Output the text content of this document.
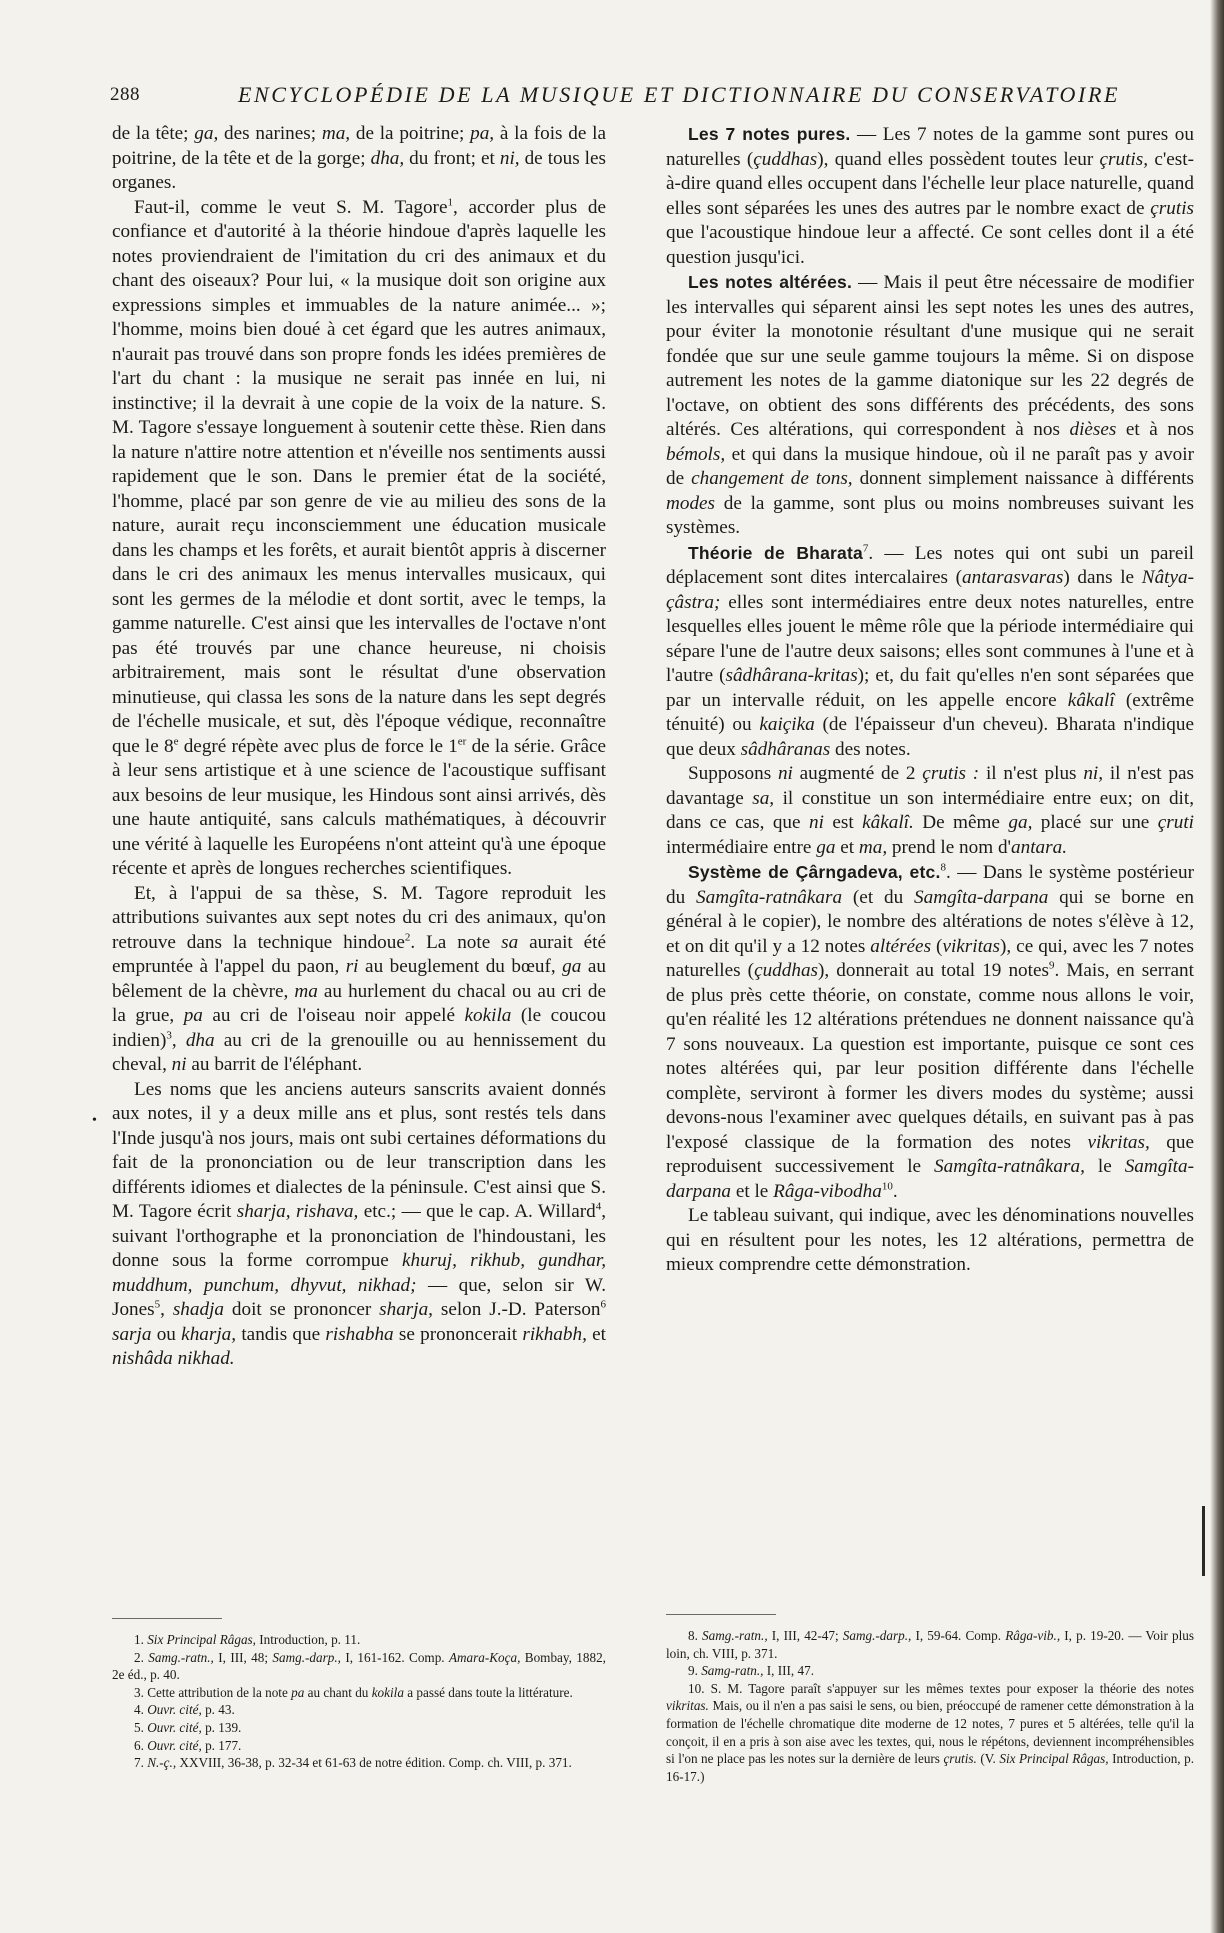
288	ENCYCLOPÉDIE DE LA MUSIQUE ET DICTIONNAIRE DU CONSERVATOIRE

de la tête; ga, des narines; ma, de la poitrine; pa, à la fois de la poitrine, de la tête et de la gorge; dha, du front; et ni, de tous les organes.

Faut-il, comme le veut S. M. Tagore$^1$, accorder plus de confiance et d'autorité à la théorie hindoue d'après laquelle les notes proviendraient de l'imitation du cri des animaux et du chant des oiseaux? Pour lui, « la musique doit son origine aux expressions simples et immuables de la nature animée... »; l'homme, moins bien doué à cet égard que les autres animaux, n'aurait pas trouvé dans son propre fonds les idées premières de l'art du chant : la musique ne serait pas innée en lui, ni instinctive; il la devrait à une copie de la voix de la nature. S. M. Tagore s'essaye longuement à soutenir cette thèse. Rien dans la nature n'attire notre attention et n'éveille nos sentiments aussi rapidement que le son. Dans le premier état de la société, l'homme, placé par son genre de vie au milieu des sons de la nature, aurait reçu inconsciemment une éducation musicale dans les champs et les forêts, et aurait bientôt appris à discerner dans le cri des animaux les menus intervalles musicaux, qui sont les germes de la mélodie et dont sortit, avec le temps, la gamme naturelle. C'est ainsi que les intervalles de l'octave n'ont pas été trouvés par une chance heureuse, ni choisis arbitrairement, mais sont le résultat d'une observation minutieuse, qui classa les sons de la nature dans les sept degrés de l'échelle musicale, et sut, dès l'époque védique, reconnaître que le 8e degré répète avec plus de force le 1er de la série. Grâce à leur sens artistique et à une science de l'acoustique suffisant aux besoins de leur musique, les Hindous sont ainsi arrivés, dès une haute antiquité, sans calculs mathématiques, à découvrir une vérité à laquelle les Européens n'ont atteint qu'à une époque récente et après de longues recherches scientifiques.

Et, à l'appui de sa thèse, S. M. Tagore reproduit les attributions suivantes aux sept notes du cri des animaux, qu'on retrouve dans la technique hindoue$^2$. La note sa aurait été empruntée à l'appel du paon, ri au beuglement du bœuf, ga au bêlement de la chèvre, ma au hurlement du chacal ou au cri de la grue, pa au cri de l'oiseau noir appelé kokila (le coucou indien)$^3$, dha au cri de la grenouille ou au hennissement du cheval, ni au barrit de l'éléphant.

Les noms que les anciens auteurs sanscrits avaient donnés aux notes, il y a deux mille ans et plus, sont restés tels dans l'Inde jusqu'à nos jours, mais ont subi certaines déformations du fait de la prononciation ou de leur transcription dans les différents idiomes et dialectes de la péninsule. C'est ainsi que S. M. Tagore écrit sharja, rishava, etc.; — que le cap. A. Willard$^4$, suivant l'orthographe et la prononciation de l'hindoustani, les donne sous la forme corrompue khuruj, rikhub, gundhar, muddhum, punchum, dhyvut, nikhad; — que, selon sir W. Jones$^5$, shadja doit se prononcer sharja, selon J.-D. Paterson$^6$ sarja ou kharja, tandis que rishabha se prononcerait rikhabh, et nishâda nikhad.

Les 7 notes pures. — Les 7 notes de la gamme sont pures ou naturelles (çuddhas), quand elles possèdent toutes leur çrutis, c'est-à-dire quand elles occupent dans l'échelle leur place naturelle, quand elles sont séparées les unes des autres par le nombre exact de çrutis que l'acoustique hindoue leur a affecté. Ce sont celles dont il a été question jusqu'ici.

Les notes altérées. — Mais il peut être nécessaire de modifier les intervalles qui séparent ainsi les sept notes les unes des autres, pour éviter la monotonie résultant d'une musique qui ne serait fondée que sur une seule gamme toujours la même. Si on dispose autrement les notes de la gamme diatonique sur les 22 degrés de l'octave, on obtient des sons différents des précédents, des sons altérés. Ces altérations, qui correspondent à nos dièses et à nos bémols, et qui dans la musique hindoue, où il ne paraît pas y avoir de changement de tons, donnent simplement naissance à différents modes de la gamme, sont plus ou moins nombreuses suivant les systèmes.

Théorie de Bharata$^7$. — Les notes qui ont subi un pareil déplacement sont dites intercalaires (antarasvaras) dans le Nâtya-çâstra; elles sont intermédiaires entre deux notes naturelles, entre lesquelles elles jouent le même rôle que la période intermédiaire qui sépare l'une de l'autre deux saisons; elles sont communes à l'une et à l'autre (sâdhârana-kritas); et, du fait qu'elles n'en sont séparées que par un intervalle réduit, on les appelle encore kâkalî (extrême ténuité) ou kaiçika (de l'épaisseur d'un cheveu). Bharata n'indique que deux sâdhâranas des notes.

Supposons ni augmenté de 2 çrutis : il n'est plus ni, il n'est pas davantage sa, il constitue un son intermédiaire entre eux; on dit, dans ce cas, que ni est kâkalî. De même ga, placé sur une çruti intermédiaire entre ga et ma, prend le nom d'antara.

Système de Çârngadeva, etc.$^8$. — Dans le système postérieur du Samgîta-ratnâkara (et du Samgîta-darpana qui se borne en général à le copier), le nombre des altérations de notes s'élève à 12, et on dit qu'il y a 12 notes altérées (vikritas), ce qui, avec les 7 notes naturelles (çuddhas), donnerait au total 19 notes$^9$. Mais, en serrant de plus près cette théorie, on constate, comme nous allons le voir, qu'en réalité les 12 altérations prétendues ne donnent naissance qu'à 7 sons nouveaux. La question est importante, puisque ce sont ces notes altérées qui, par leur position différente dans l'échelle complète, serviront à former les divers modes du système; aussi devons-nous l'examiner avec quelques détails, en suivant pas à pas l'exposé classique de la formation des notes vikritas, que reproduisent successivement le Samgîta-ratnâkara, le Samgîta-darpana et le Râga-vibodha$^{10}$.

Le tableau suivant, qui indique, avec les dénominations nouvelles qui en résultent pour les notes, les 12 altérations, permettra de mieux comprendre cette démonstration.

•

1. Six Principal Râgas, Introduction, p. 11.

2. Samg.-ratn., I, III, 48; Samg.-darp., I, 161-162. Comp. Amara-Koça, Bombay, 1882, 2e éd., p. 40.

3. Cette attribution de la note pa au chant du kokila a passé dans toute la littérature.

4. Ouvr. cité, p. 43.

5. Ouvr. cité, p. 139.

6. Ouvr. cité, p. 177.

7. N.-ç., XXVIII, 36-38, p. 32-34 et 61-63 de notre édition. Comp. ch. VIII, p. 371.

8. Samg.-ratn., I, III, 42-47; Samg.-darp., I, 59-64. Comp. Râga-vib., I, p. 19-20. — Voir plus loin, ch. VIII, p. 371.

9. Samg-ratn., I, III, 47.

10. S. M. Tagore paraît s'appuyer sur les mêmes textes pour exposer la théorie des notes vikritas. Mais, ou il n'en a pas saisi le sens, ou bien, préoccupé de ramener cette démonstration à la formation de l'échelle chromatique dite moderne de 12 notes, 7 pures et 5 altérées, telle qu'il la conçoit, il en a pris à son aise avec les textes, qui, nous le répétons, deviennent incompréhensibles si l'on ne place pas les notes sur la dernière de leurs çrutis. (V. Six Principal Râgas, Introduction, p. 16-17.)
